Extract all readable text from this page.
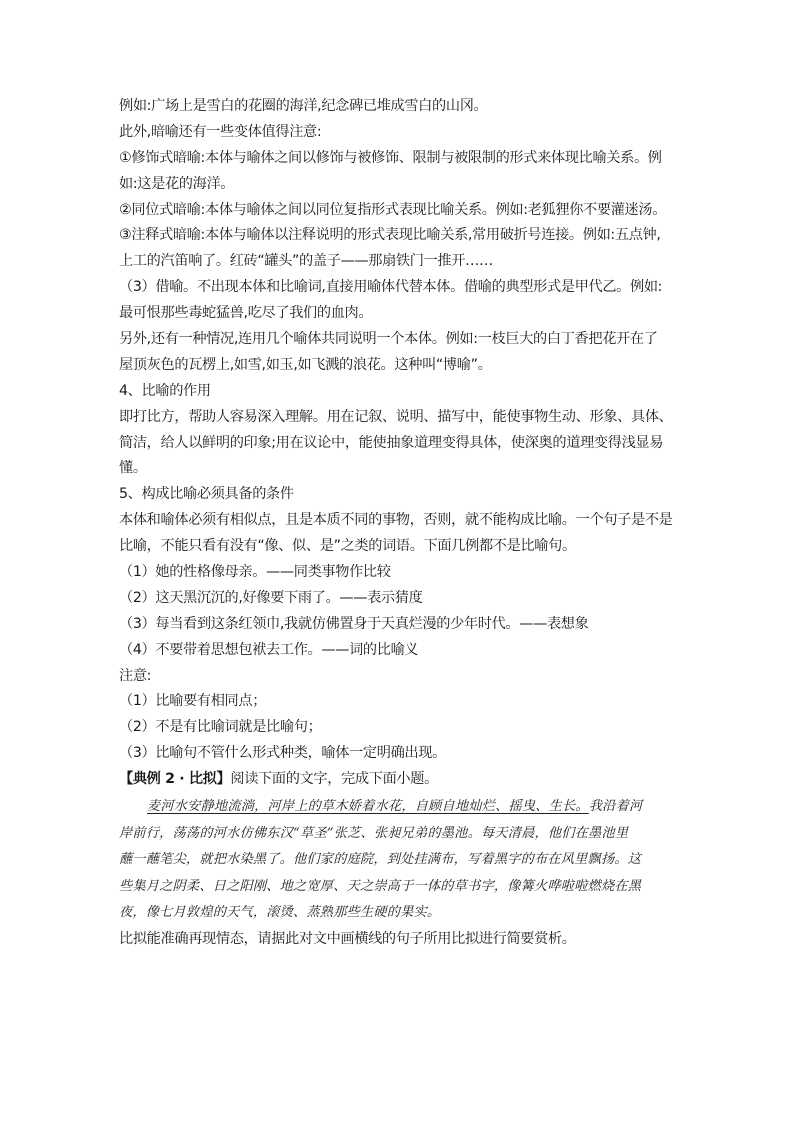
例如:广场上是雪白的花圈的海洋,纪念碑已堆成雪白的山冈。
此外,暗喻还有一些变体值得注意:
①修饰式暗喻:本体与喻体之间以修饰与被修饰、限制与被限制的形式来体现比喻关系。例
如:这是花的海洋。
②同位式暗喻:本体与喻体之间以同位复指形式表现比喻关系。例如:老狐狸你不要灌迷汤。
③注释式暗喻:本体与喻体以注释说明的形式表现比喻关系,常用破折号连接。例如:五点钟,
上工的汽笛响了。红砖“罐头”的盖子——那扇铁门一推开……
（3）借喻。不出现本体和比喻词,直接用喻体代替本体。借喻的典型形式是甲代乙。例如:
最可恨那些毒蛇猛兽,吃尽了我们的血肉。
另外,还有一种情况,连用几个喻体共同说明一个本体。例如:一枝巨大的白丁香把花开在了
屋顶灰色的瓦楞上,如雪,如玉,如飞溅的浪花。这种叫“博喻”。
4、比喻的作用
即打比方，帮助人容易深入理解。用在记叙、说明、描写中，能使事物生动、形象、具体、
简洁，给人以鲜明的印象;用在议论中，能使抽象道理变得具体，使深奥的道理变得浅显易
懂。
5、构成比喻必须具备的条件
本体和喻体必须有相似点，且是本质不同的事物，否则，就不能构成比喻。一个句子是不是
比喻，不能只看有没有“像、似、是”之类的词语。下面几例都不是比喻句。
（1）她的性格像母亲。——同类事物作比较
（2）这天黑沉沉的,好像要下雨了。——表示猜度
（3）每当看到这条红领巾,我就仿佛置身于天真烂漫的少年时代。——表想象
（4）不要带着思想包袱去工作。——词的比喻义
注意:
（1）比喻要有相同点；
（2）不是有比喻词就是比喻句；
（3）比喻句不管什么形式种类，喻体一定明确出现。
【典例 2 · 比拟】阅读下面的文字，完成下面小题。
麦河水安静地流淌，河岸上的草木娇着水花，自顾自地灿烂、摇曳、生长。我沿着河
岸前行，荡荡的河水仿佛东汉“草圣”张芝、张昶兄弟的墨池。每天清晨，他们在墨池里
蘸一蘸笔尖，就把水染黑了。他们家的庭院，到处挂满布，写着黑字的布在风里飘扬。这
些集月之阴柔、日之阳刚、地之宽厚、天之崇高于一体的草书字，像篝火哗啦啦燃烧在黑
夜，像七月敦煌的天气，滚烫、蒸熟那些生硬的果实。
比拟能准确再现情态，请据此对文中画横线的句子所用比拟进行简要赏析。
